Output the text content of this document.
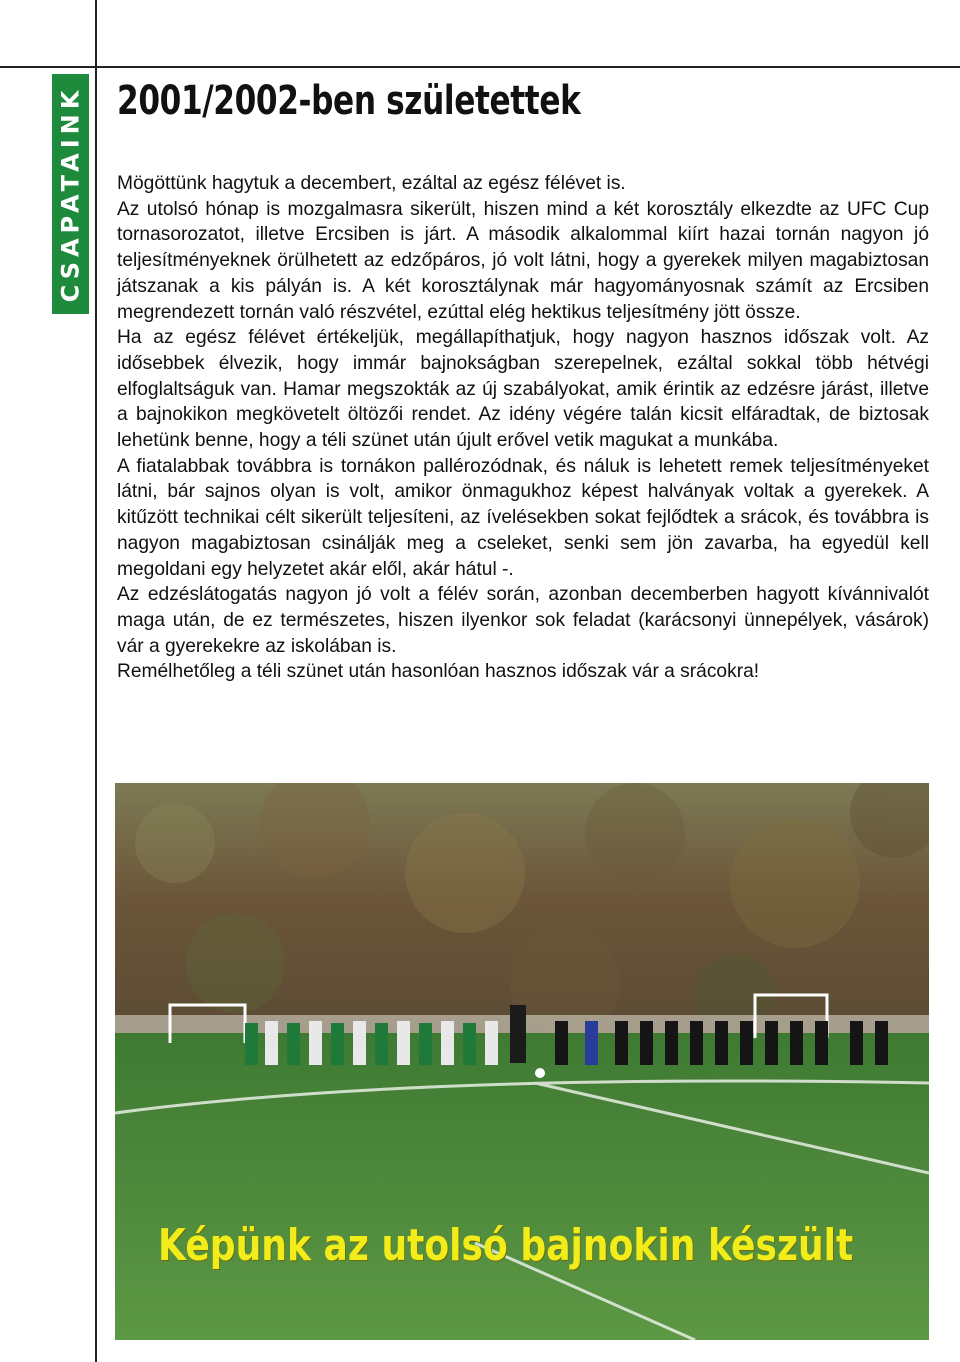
CSAPATAINK 2001/2002-ben születettek

Mögöttünk hagytuk a decembert, ezáltal az egész félévet is.

Az utolsó hónap is mozgalmasra sikerült, hiszen mind a két korosztály elkezdte az UFC Cup tornasorozatot, illetve Ercsiben is járt. A második alkalommal kiírt hazai tornán nagyon jó teljesítményeknek örülhetett az edzőpáros, jó volt látni, hogy a gyerekek milyen magabiztosan játszanak a kis pályán is. A két korosztálynak már hagyományosnak számít az Ercsiben megrendezett tornán való részvétel, ezúttal elég hektikus teljesítmény jött össze.

Ha az egész félévet értékeljük, megállapíthatjuk, hogy nagyon hasznos időszak volt. Az idősebbek élvezik, hogy immár bajnokságban szerepelnek, ezáltal sokkal több hétvégi elfoglaltságuk van. Hamar megszokták az új szabályokat, amik érintik az edzésre járást, illetve a bajnokikon megkövetelt öltözői rendet. Az idény végére talán kicsit elfáradtak, de biztosak lehetünk benne, hogy a téli szünet után újult erővel vetik magukat a munkába.

A fiatalabbak továbbra is tornákon pallérozódnak, és náluk is lehetett remek teljesítményeket látni, bár sajnos olyan is volt, amikor önmagukhoz képest halványak voltak a gyerekek. A kitűzött technikai célt sikerült teljesíteni, az ívelésekben sokat fejlődtek a srácok, és továbbra is nagyon magabiztosan csinálják meg a cseleket, senki sem jön zavarba, ha egyedül kell megoldani egy helyzetet akár elől, akár hátul -.

Az edzéslátogatás nagyon jó volt a félév során, azonban decemberben hagyott kívánnivalót maga után, de ez természetes, hiszen ilyenkor sok feladat (karácsonyi ünnepélyek, vásárok) vár a gyerekekre az iskolában is.

Remélhetőleg a téli szünet után hasonlóan hasznos időszak vár a srácokra!

Képünk az utolsó bajnokin készült
